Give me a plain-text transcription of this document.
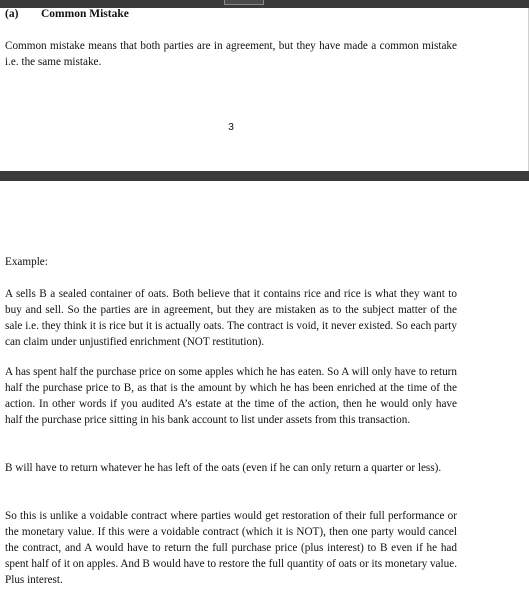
(a) Common Mistake

Common mistake means that both parties are in agreement, but they have made a common mistake i.e. the same mistake.

3

Example:

A sells B a sealed container of oats. Both believe that it contains rice and rice is what they want to buy and sell. So the parties are in agreement, but they are mistaken as to the subject matter of the sale i.e. they think it is rice but it is actually oats. The contract is void, it never existed. So each party can claim under unjustified enrichment (NOT restitution).

A has spent half the purchase price on some apples which he has eaten. So A will only have to return half the purchase price to B, as that is the amount by which he has been enriched at the time of the action. In other words if you audited A’s estate at the time of the action, then he would only have half the purchase price sitting in his bank account to list under assets from this transaction.

B will have to return whatever he has left of the oats (even if he can only return a quarter or less).

So this is unlike a voidable contract where parties would get restoration of their full performance or the monetary value. If this were a voidable contract (which it is NOT), then one party would cancel the contract, and A would have to return the full purchase price (plus interest) to B even if he had spent half of it on apples. And B would have to restore the full quantity of oats or its monetary value. Plus interest.
